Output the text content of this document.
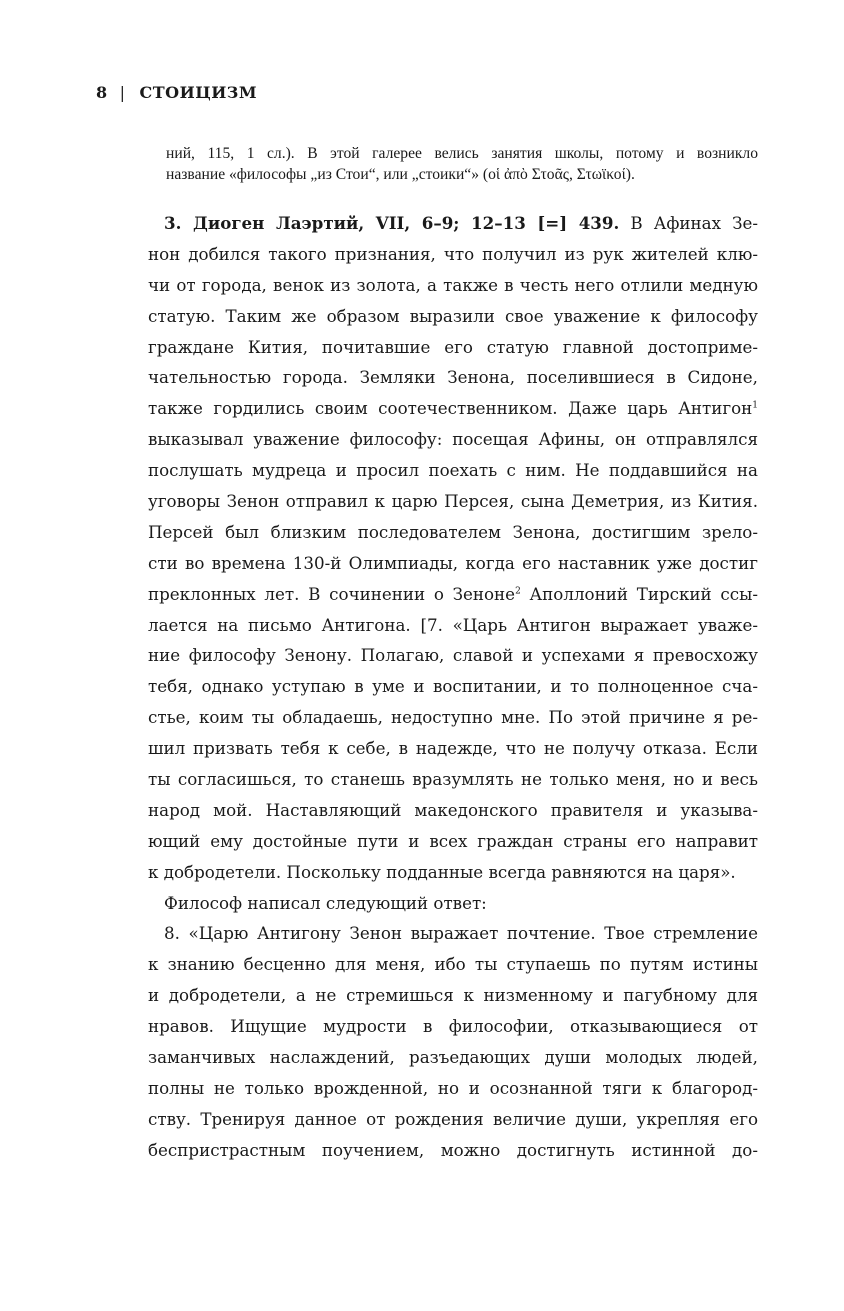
8 | СТОИЦИЗМ
ний, 115, 1 сл.). В этой галерее велись занятия школы, потому и возникло
название «философы „из Стои“, или „стоики“» (οἱ ἀπὸ Στοᾶς, Στωϊκοί).
3. Диоген Лаэртий, VII, 6–9; 12–13 [=] 439. В Афинах Зе-
нон добился такого признания, что получил из рук жителей клю-
чи от города, венок из золота, а также в честь него отлили медную
статую. Таким же образом выразили свое уважение к философу
граждане Кития, почитавшие его статую главной достоприме-
чательностью города. Земляки Зенона, поселившиеся в Сидоне,
также гордились своим соотечественником. Даже царь Антигон$^1$
выказывал уважение философу: посещая Афины, он отправлялся
послушать мудреца и просил поехать с ним. Не поддавшийся на
уговоры Зенон отправил к царю Персея, сына Деметрия, из Кития.
Персей был близким последователем Зенона, достигшим зрело-
сти во времена 130-й Олимпиады, когда его наставник уже достиг
преклонных лет. В сочинении о Зеноне$^2$ Аполлоний Тирский ссы-
лается на письмо Антигона. [7. «Царь Антигон выражает уваже-
ние философу Зенону. Полагаю, славой и успехами я превосхожу
тебя, однако уступаю в уме и воспитании, и то полноценное сча-
стье, коим ты обладаешь, недоступно мне. По этой причине я ре-
шил призвать тебя к себе, в надежде, что не получу отказа. Если
ты согласишься, то станешь вразумлять не только меня, но и весь
народ мой. Наставляющий македонского правителя и указыва-
ющий ему достойные пути и всех граждан страны его направит
к добродетели. Поскольку подданные всегда равняются на царя».
Философ написал следующий ответ:
8. «Царю Антигону Зенон выражает почтение. Твое стремление
к знанию бесценно для меня, ибо ты ступаешь по путям истины
и добродетели, а не стремишься к низменному и пагубному для
нравов. Ищущие мудрости в философии, отказывающиеся от
заманчивых наслаждений, разъедающих души молодых людей,
полны не только врожденной, но и осознанной тяги к благород-
ству. Тренируя данное от рождения величие души, укрепляя его
беспристрастным поучением, можно достигнуть истинной до-
